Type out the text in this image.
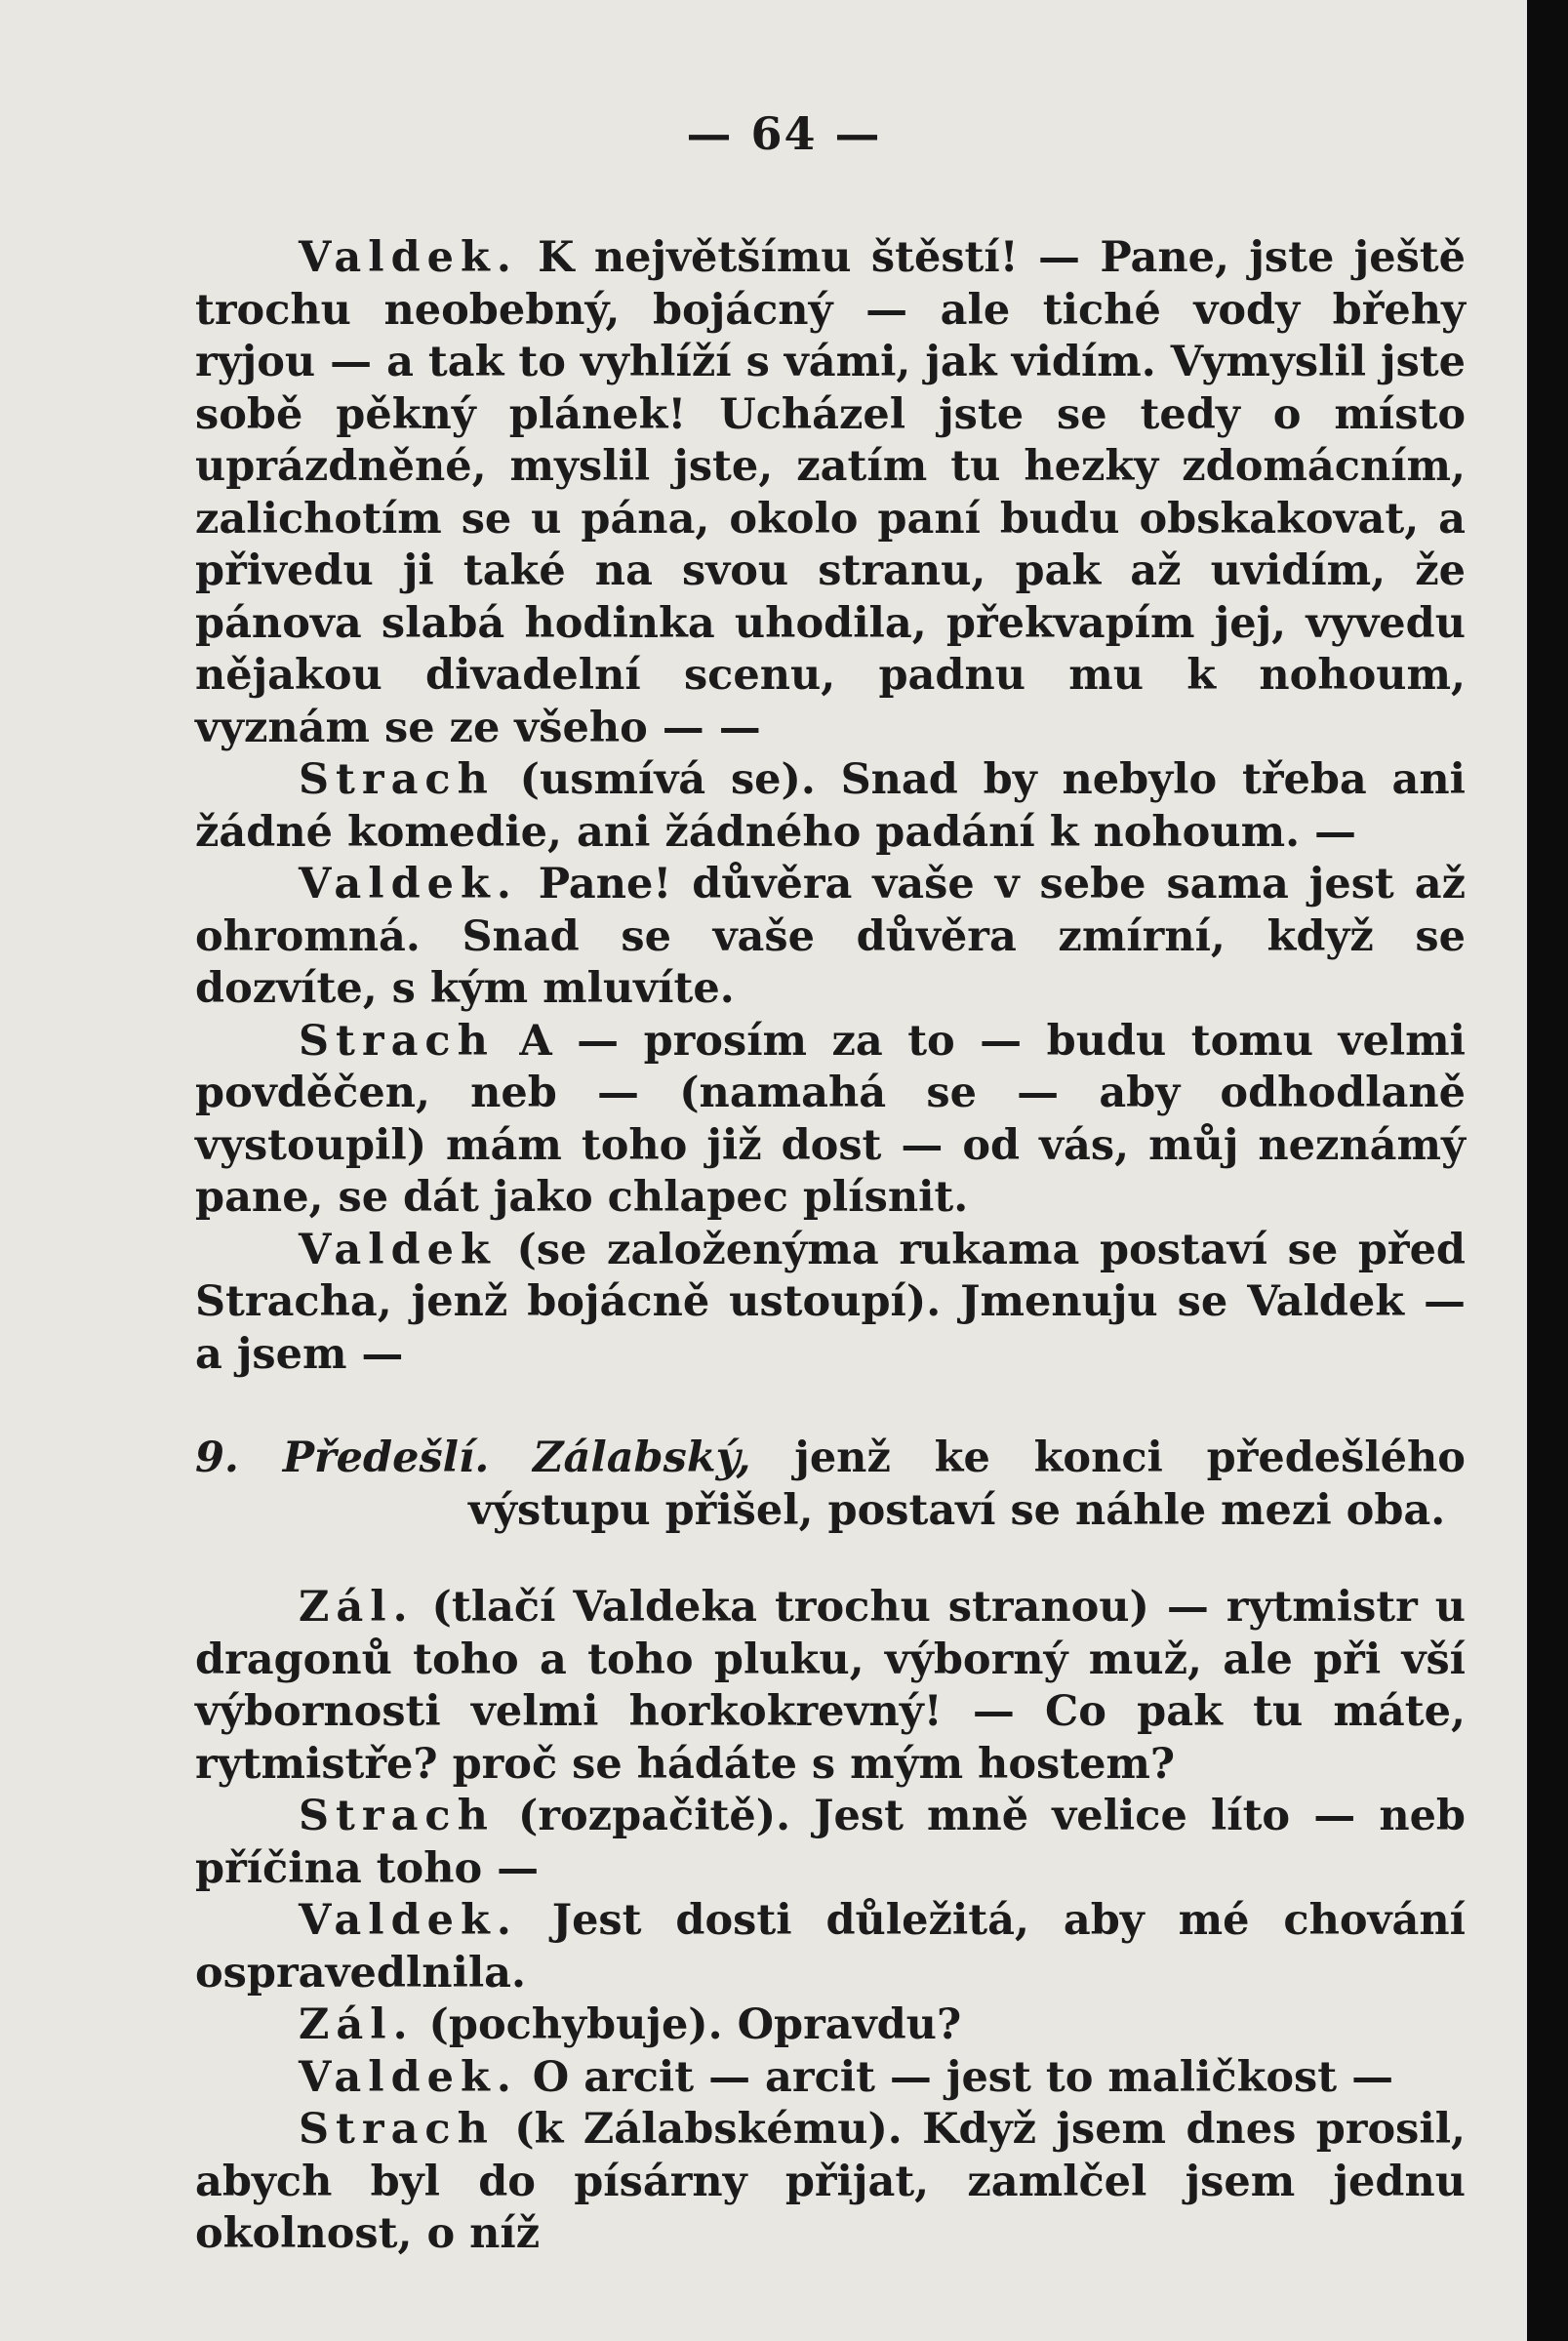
— 64 —

Valdek. K největšímu štěstí! — Pane, jste ještě trochu neobebný, bojácný — ale tiché vody břehy ryjou — a tak to vyhlíží s vámi, jak vidím. Vymyslil jste sobě pěkný plánek! Ucházel jste se tedy o místo uprázdněné, myslil jste, zatím tu hezky zdomácním, zalichotím se u pána, okolo paní budu obskakovat, a přivedu ji také na svou stranu, pak až uvidím, že pánova slabá hodinka uhodila, překvapím jej, vyvedu nějakou divadelní scenu, padnu mu k nohoum, vyznám se ze všeho — —

Strach (usmívá se). Snad by nebylo třeba ani žádné komedie, ani žádného padání k nohoum. —

Valdek. Pane! důvěra vaše v sebe sama jest až ohromná. Snad se vaše důvěra zmírní, když se dozvíte, s kým mluvíte.

Strach A — prosím za to — budu tomu velmi povděčen, neb — (namahá se — aby odhodlaně vystoupil) mám toho již dost — od vás, můj neznámý pane, se dát jako chlapec plísnit.

Valdek (se založenýma rukama postaví se před Stracha, jenž bojácně ustoupí). Jmenuju se Valdek — a jsem —

9. Předešlí. Zálabský, jenž ke konci předešlého výstupu přišel, postaví se náhle mezi oba.

Zál. (tlačí Valdeka trochu stranou) — rytmistr u dragonů toho a toho pluku, výborný muž, ale při vší výbornosti velmi horkokrevný! — Co pak tu máte, rytmistře? proč se hádáte s mým hostem?

Strach (rozpačitě). Jest mně velice líto — neb příčina toho —

Valdek. Jest dosti důležitá, aby mé chování ospravedlnila.

Zál. (pochybuje). Opravdu?

Valdek. O arcit — arcit — jest to maličkost —

Strach (k Zálabskému). Když jsem dnes prosil, abych byl do písárny přijat, zamlčel jsem jednu okolnost, o níž
